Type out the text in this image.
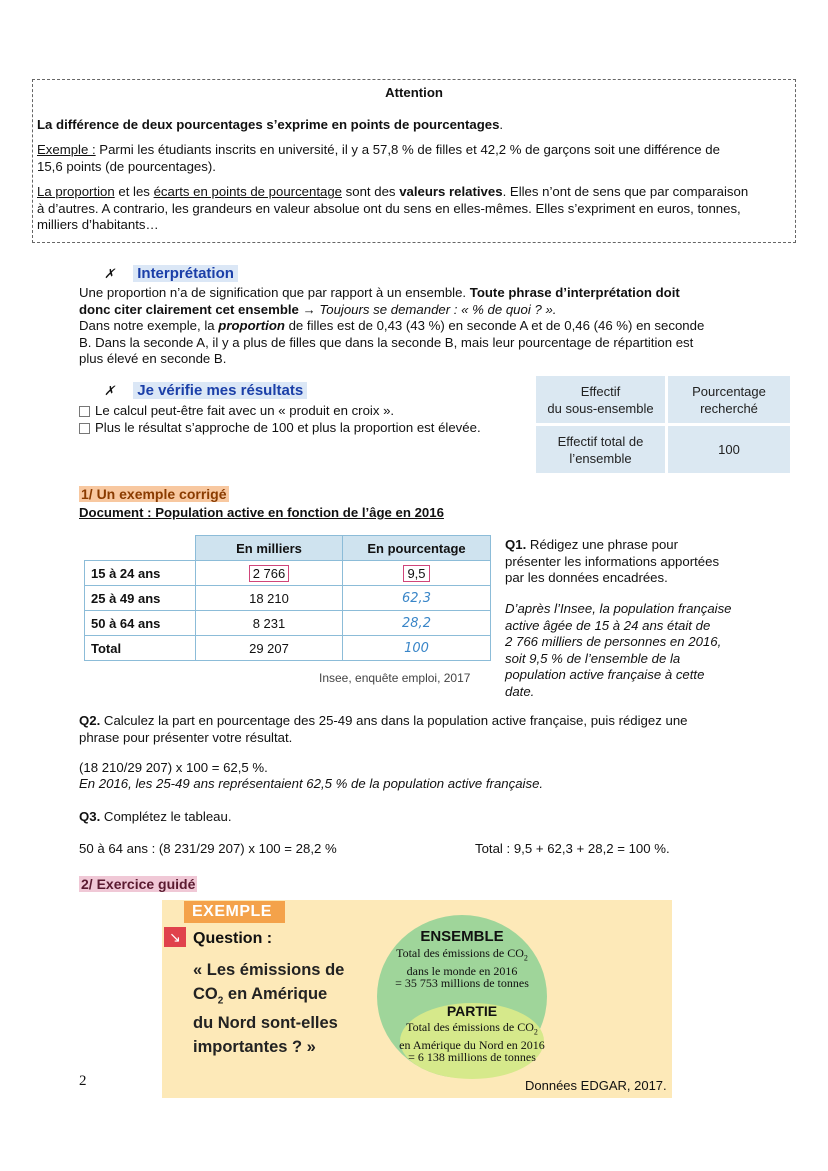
Attention
La différence de deux pourcentages s’exprime en points de pourcentages.
Exemple : Parmi les étudiants inscrits en université, il y a 57,8 % de filles et 42,2 % de garçons soit une différence de
15,6 points (de pourcentages).
La proportion et les écarts en points de pourcentage sont des valeurs relatives. Elles n’ont de sens que par comparaison
à d’autres. A contrario, les grandeurs en valeur absolue ont du sens en elles-mêmes. Elles s’expriment en euros, tonnes,
milliers d’habitants…
✗ Interprétation
Une proportion n’a de signification que par rapport à un ensemble. Toute phrase d’interprétation doit
donc citer clairement cet ensemble → Toujours se demander : « % de quoi ? ».
Dans notre exemple, la proportion de filles est de 0,43 (43 %) en seconde A et de 0,46 (46 %) en seconde
B. Dans la seconde A, il y a plus de filles que dans la seconde B, mais leur pourcentage de répartition est
plus élevé en seconde B.
✗ Je vérifie mes résultats
Le calcul peut-être fait avec un « produit en croix ».
Plus le résultat s’approche de 100 et plus la proportion est élevée.
Effectif
du sous-ensemble	Pourcentage
recherché
Effectif total de
l’ensemble	100
1/ Un exemple corrigé
Document : Population active en fonction de l’âge en 2016
	En milliers	En pourcentage
15 à 24 ans	2 766	9,5
25 à 49 ans	18 210	62,3
50 à 64 ans	8 231	28,2
Total	29 207	100
Insee, enquête emploi, 2017
Q1. Rédigez une phrase pour
présenter les informations apportées
par les données encadrées.
D’après l’Insee, la population française
active âgée de 15 à 24 ans était de
2 766 milliers de personnes en 2016,
soit 9,5 % de l’ensemble de la
population active française à cette
date.
Q2. Calculez la part en pourcentage des 25-49 ans dans la population active française, puis rédigez une
phrase pour présenter votre résultat.
(18 210/29 207) x 100 = 62,5 %.
En 2016, les 25-49 ans représentaient 62,5 % de la population active française.
Q3. Complétez le tableau.
50 à 64 ans : (8 231/29 207) x 100 = 28,2 %	Total : 9,5 + 62,3 + 28,2 = 100 %.
2/ Exercice guidé
EXEMPLE
↘ Question :
« Les émissions de
$CO_2$ en Amérique
du Nord sont-elles
importantes ? »
ENSEMBLE
Total des émissions de $CO_2$
dans le monde en 2016
= 35 753 millions de tonnes
PARTIE
Total des émissions de $CO_2$
en Amérique du Nord en 2016
= 6 138 millions de tonnes
Données EDGAR, 2017.
2
